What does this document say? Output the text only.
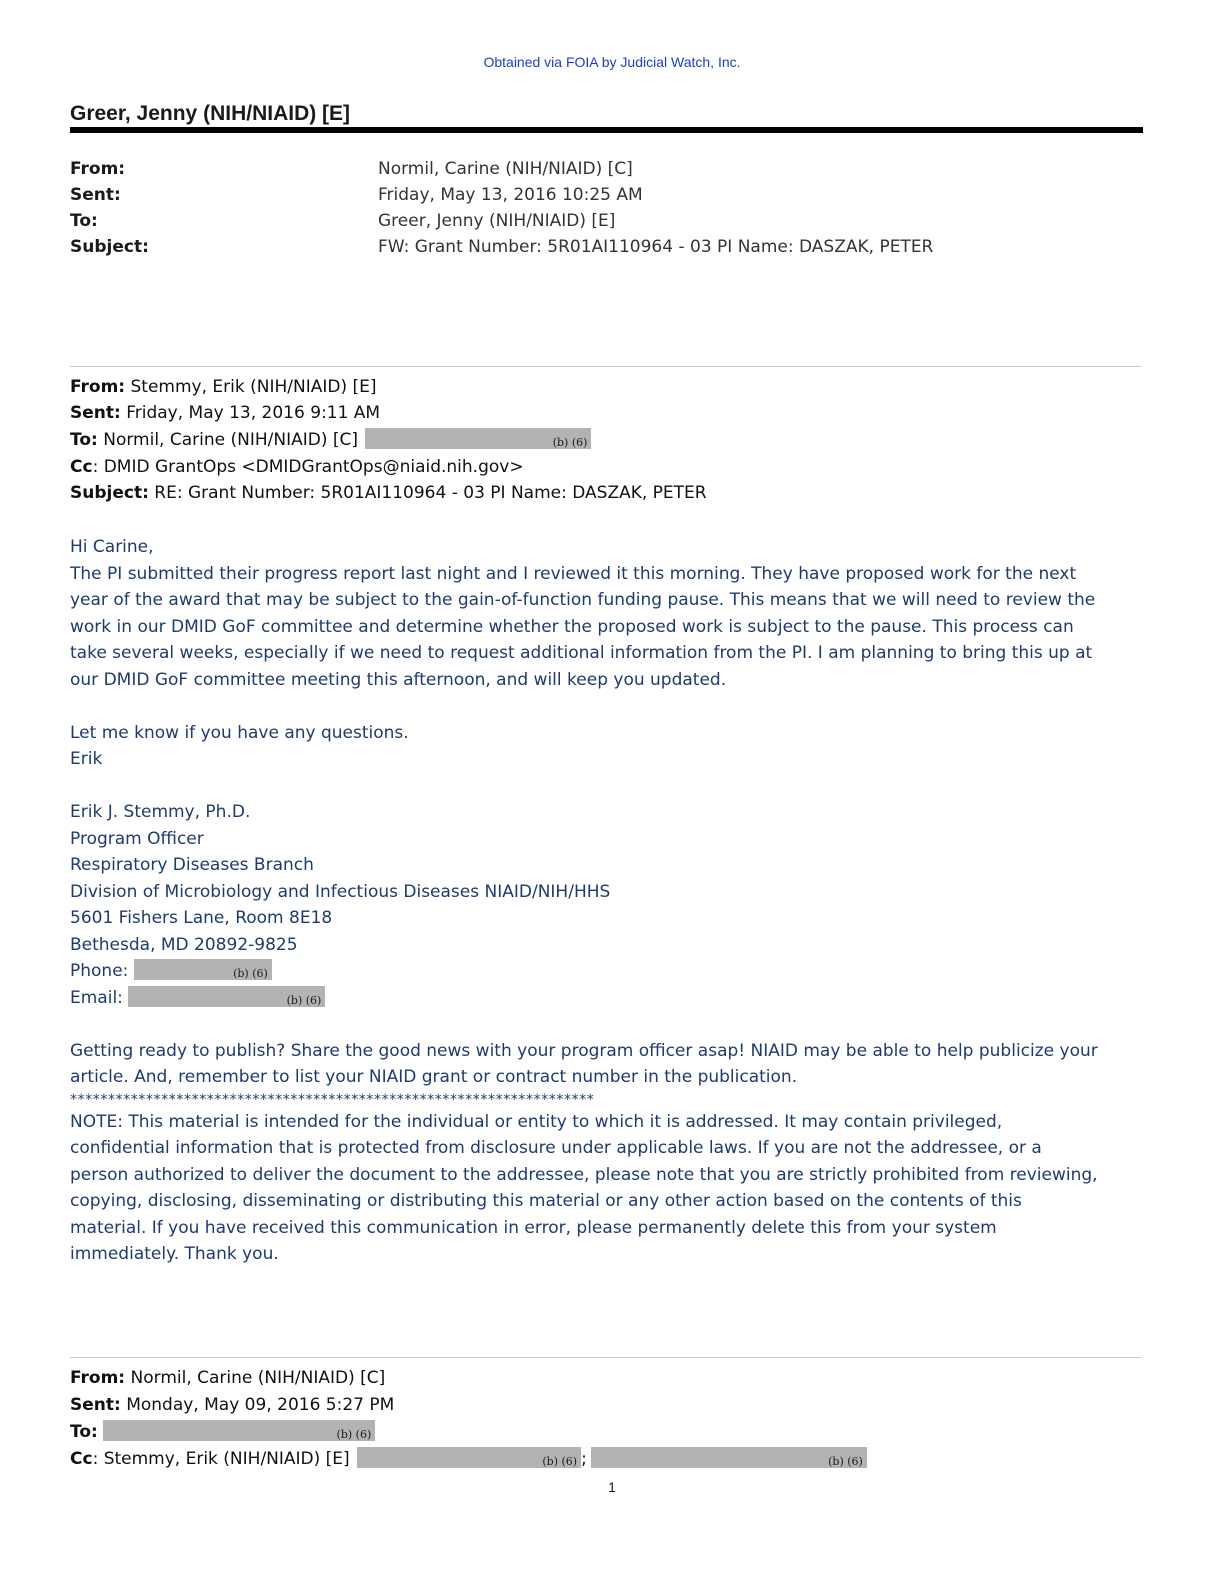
Obtained via FOIA by Judicial Watch, Inc.
Greer, Jenny (NIH/NIAID) [E]
From:	Normil, Carine (NIH/NIAID) [C]
Sent:	Friday, May 13, 2016 10:25 AM
To:	Greer, Jenny (NIH/NIAID) [E]
Subject:	FW: Grant Number: 5R01AI110964 - 03 PI Name: DASZAK, PETER
From: Stemmy, Erik (NIH/NIAID) [E]
Sent: Friday, May 13, 2016 9:11 AM
To: Normil, Carine (NIH/NIAID) [C]	(b) (6)
Cc: DMID GrantOps <DMIDGrantOps@niaid.nih.gov>
Subject: RE: Grant Number: 5R01AI110964 - 03 PI Name: DASZAK, PETER

Hi Carine,

The PI submitted their progress report last night and I reviewed it this morning. They have proposed work for the next

year of the award that may be subject to the gain-of-function funding pause. This means that we will need to review the

work in our DMID GoF committee and determine whether the proposed work is subject to the pause. This process can

take several weeks, especially if we need to request additional information from the PI. I am planning to bring this up at

our DMID GoF committee meeting this afternoon, and will keep you updated.

Let me know if you have any questions.

Erik

Erik J. Stemmy, Ph.D.

Program Officer

Respiratory Diseases Branch

Division of Microbiology and Infectious Diseases NIAID/NIH/HHS

5601 Fishers Lane, Room 8E18

Bethesda, MD 20892-9825

Phone:	(b) (6)

Email:	(b) (6)

Getting ready to publish? Share the good news with your program officer asap! NIAID may be able to help publicize your

article. And, remember to list your NIAID grant or contract number in the publication.

*********************************************************************

NOTE: This material is intended for the individual or entity to which it is addressed. It may contain privileged,

confidential information that is protected from disclosure under applicable laws. If you are not the addressee, or a

person authorized to deliver the document to the addressee, please note that you are strictly prohibited from reviewing,

copying, disclosing, disseminating or distributing this material or any other action based on the contents of this

material. If you have received this communication in error, please permanently delete this from your system

immediately. Thank you.

From: Normil, Carine (NIH/NIAID) [C]
Sent: Monday, May 09, 2016 5:27 PM
To:	(b) (6)
Cc: Stemmy, Erik (NIH/NIAID) [E]	(b) (6) ;	(b) (6)
1
